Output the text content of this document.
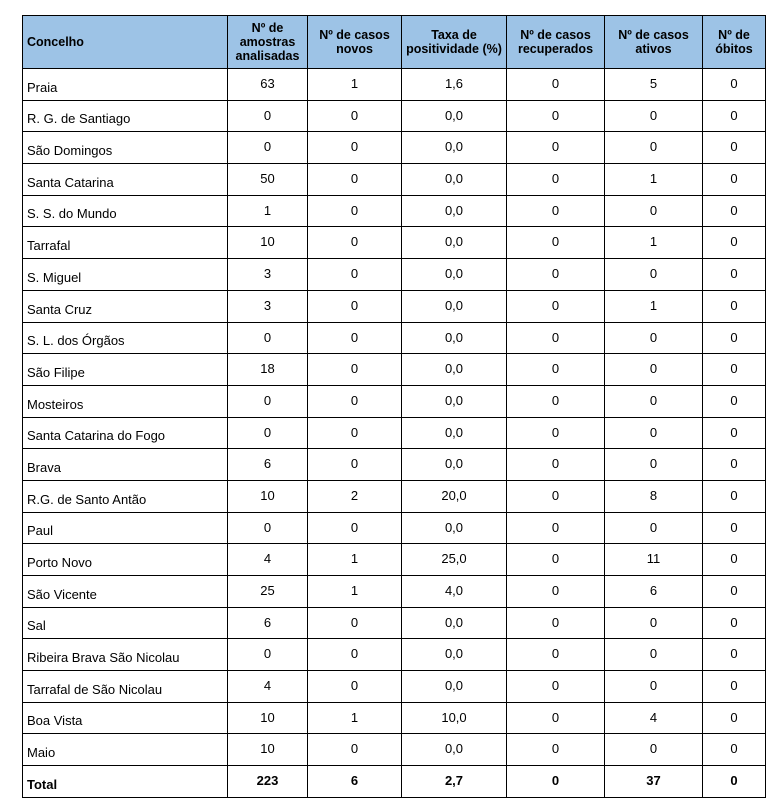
Concelho	Nº de amostras analisadas	Nº de casos novos	Taxa de positividade (%)	Nº de casos recuperados	Nº de casos ativos	Nº de óbitos
Praia	63	1	1,6	0	5	0
R. G. de Santiago	0	0	0,0	0	0	0
São Domingos	0	0	0,0	0	0	0
Santa Catarina	50	0	0,0	0	1	0
S. S. do Mundo	1	0	0,0	0	0	0
Tarrafal	10	0	0,0	0	1	0
S. Miguel	3	0	0,0	0	0	0
Santa Cruz	3	0	0,0	0	1	0
S. L. dos Órgãos	0	0	0,0	0	0	0
São Filipe	18	0	0,0	0	0	0
Mosteiros	0	0	0,0	0	0	0
Santa Catarina do Fogo	0	0	0,0	0	0	0
Brava	6	0	0,0	0	0	0
R.G. de Santo Antão	10	2	20,0	0	8	0
Paul	0	0	0,0	0	0	0
Porto Novo	4	1	25,0	0	11	0
São Vicente	25	1	4,0	0	6	0
Sal	6	0	0,0	0	0	0
Ribeira Brava São Nicolau	0	0	0,0	0	0	0
Tarrafal de São Nicolau	4	0	0,0	0	0	0
Boa Vista	10	1	10,0	0	4	0
Maio	10	0	0,0	0	0	0
Total	223	6	2,7	0	37	0
